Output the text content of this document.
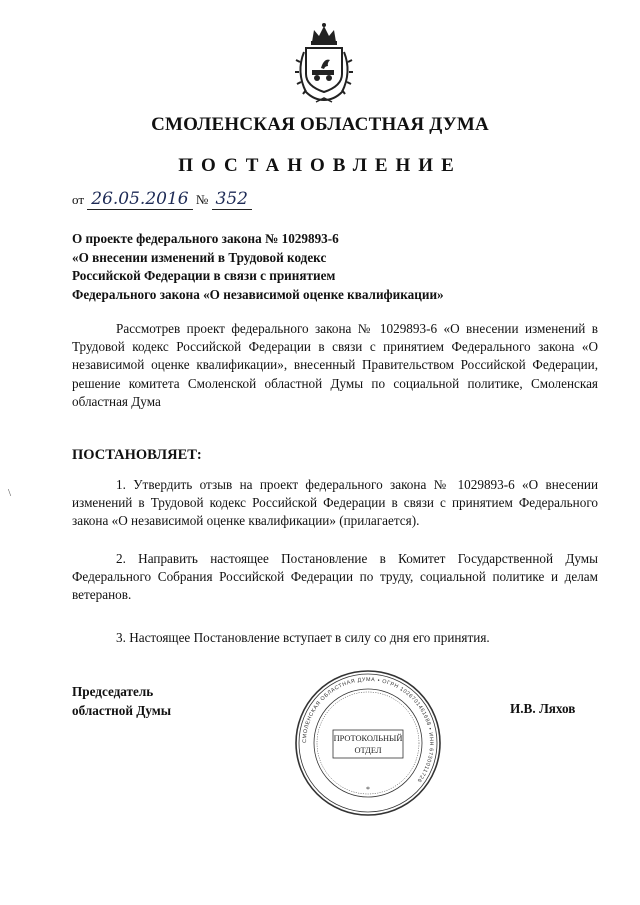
СМОЛЕНСКАЯ ОБЛАСТНАЯ ДУМА
ПОСТАНОВЛЕНИЕ
от 26.05.2016 № 352
О проекте федерального закона № 1029893-6
«О внесении изменений в Трудовой кодекс
Российской Федерации в связи с принятием
Федерального закона «О независимой оценке квалификации»
Рассмотрев проект федерального закона № 1029893-6 «О внесении изменений в Трудовой кодекс Российской Федерации в связи с принятием Федерального закона «О независимой оценке квалификации», внесенный Правительством Российской Федерации, решение комитета Смоленской областной Думы по социальной политике, Смоленская областная Дума
ПОСТАНОВЛЯЕТ:
1. Утвердить отзыв на проект федерального закона № 1029893-6 «О внесении изменений в Трудовой кодекс Российской Федерации в связи с принятием Федерального закона «О независимой оценке квалификации» (прилагается).
2. Направить настоящее Постановление в Комитет Государственной Думы Федерального Собрания Российской Федерации по труду, социальной политике и делам ветеранов.
3. Настоящее Постановление вступает в силу со дня его принятия.
\
Председатель
областной Думы	И.В. Ляхов
СМОЛЕНСКАЯ ОБЛАСТНАЯ ДУМА • ОГРН 1026701461688 • ИНН 6730011726
ПРОТОКОЛЬНЫЙ
ОТДЕЛ
*
